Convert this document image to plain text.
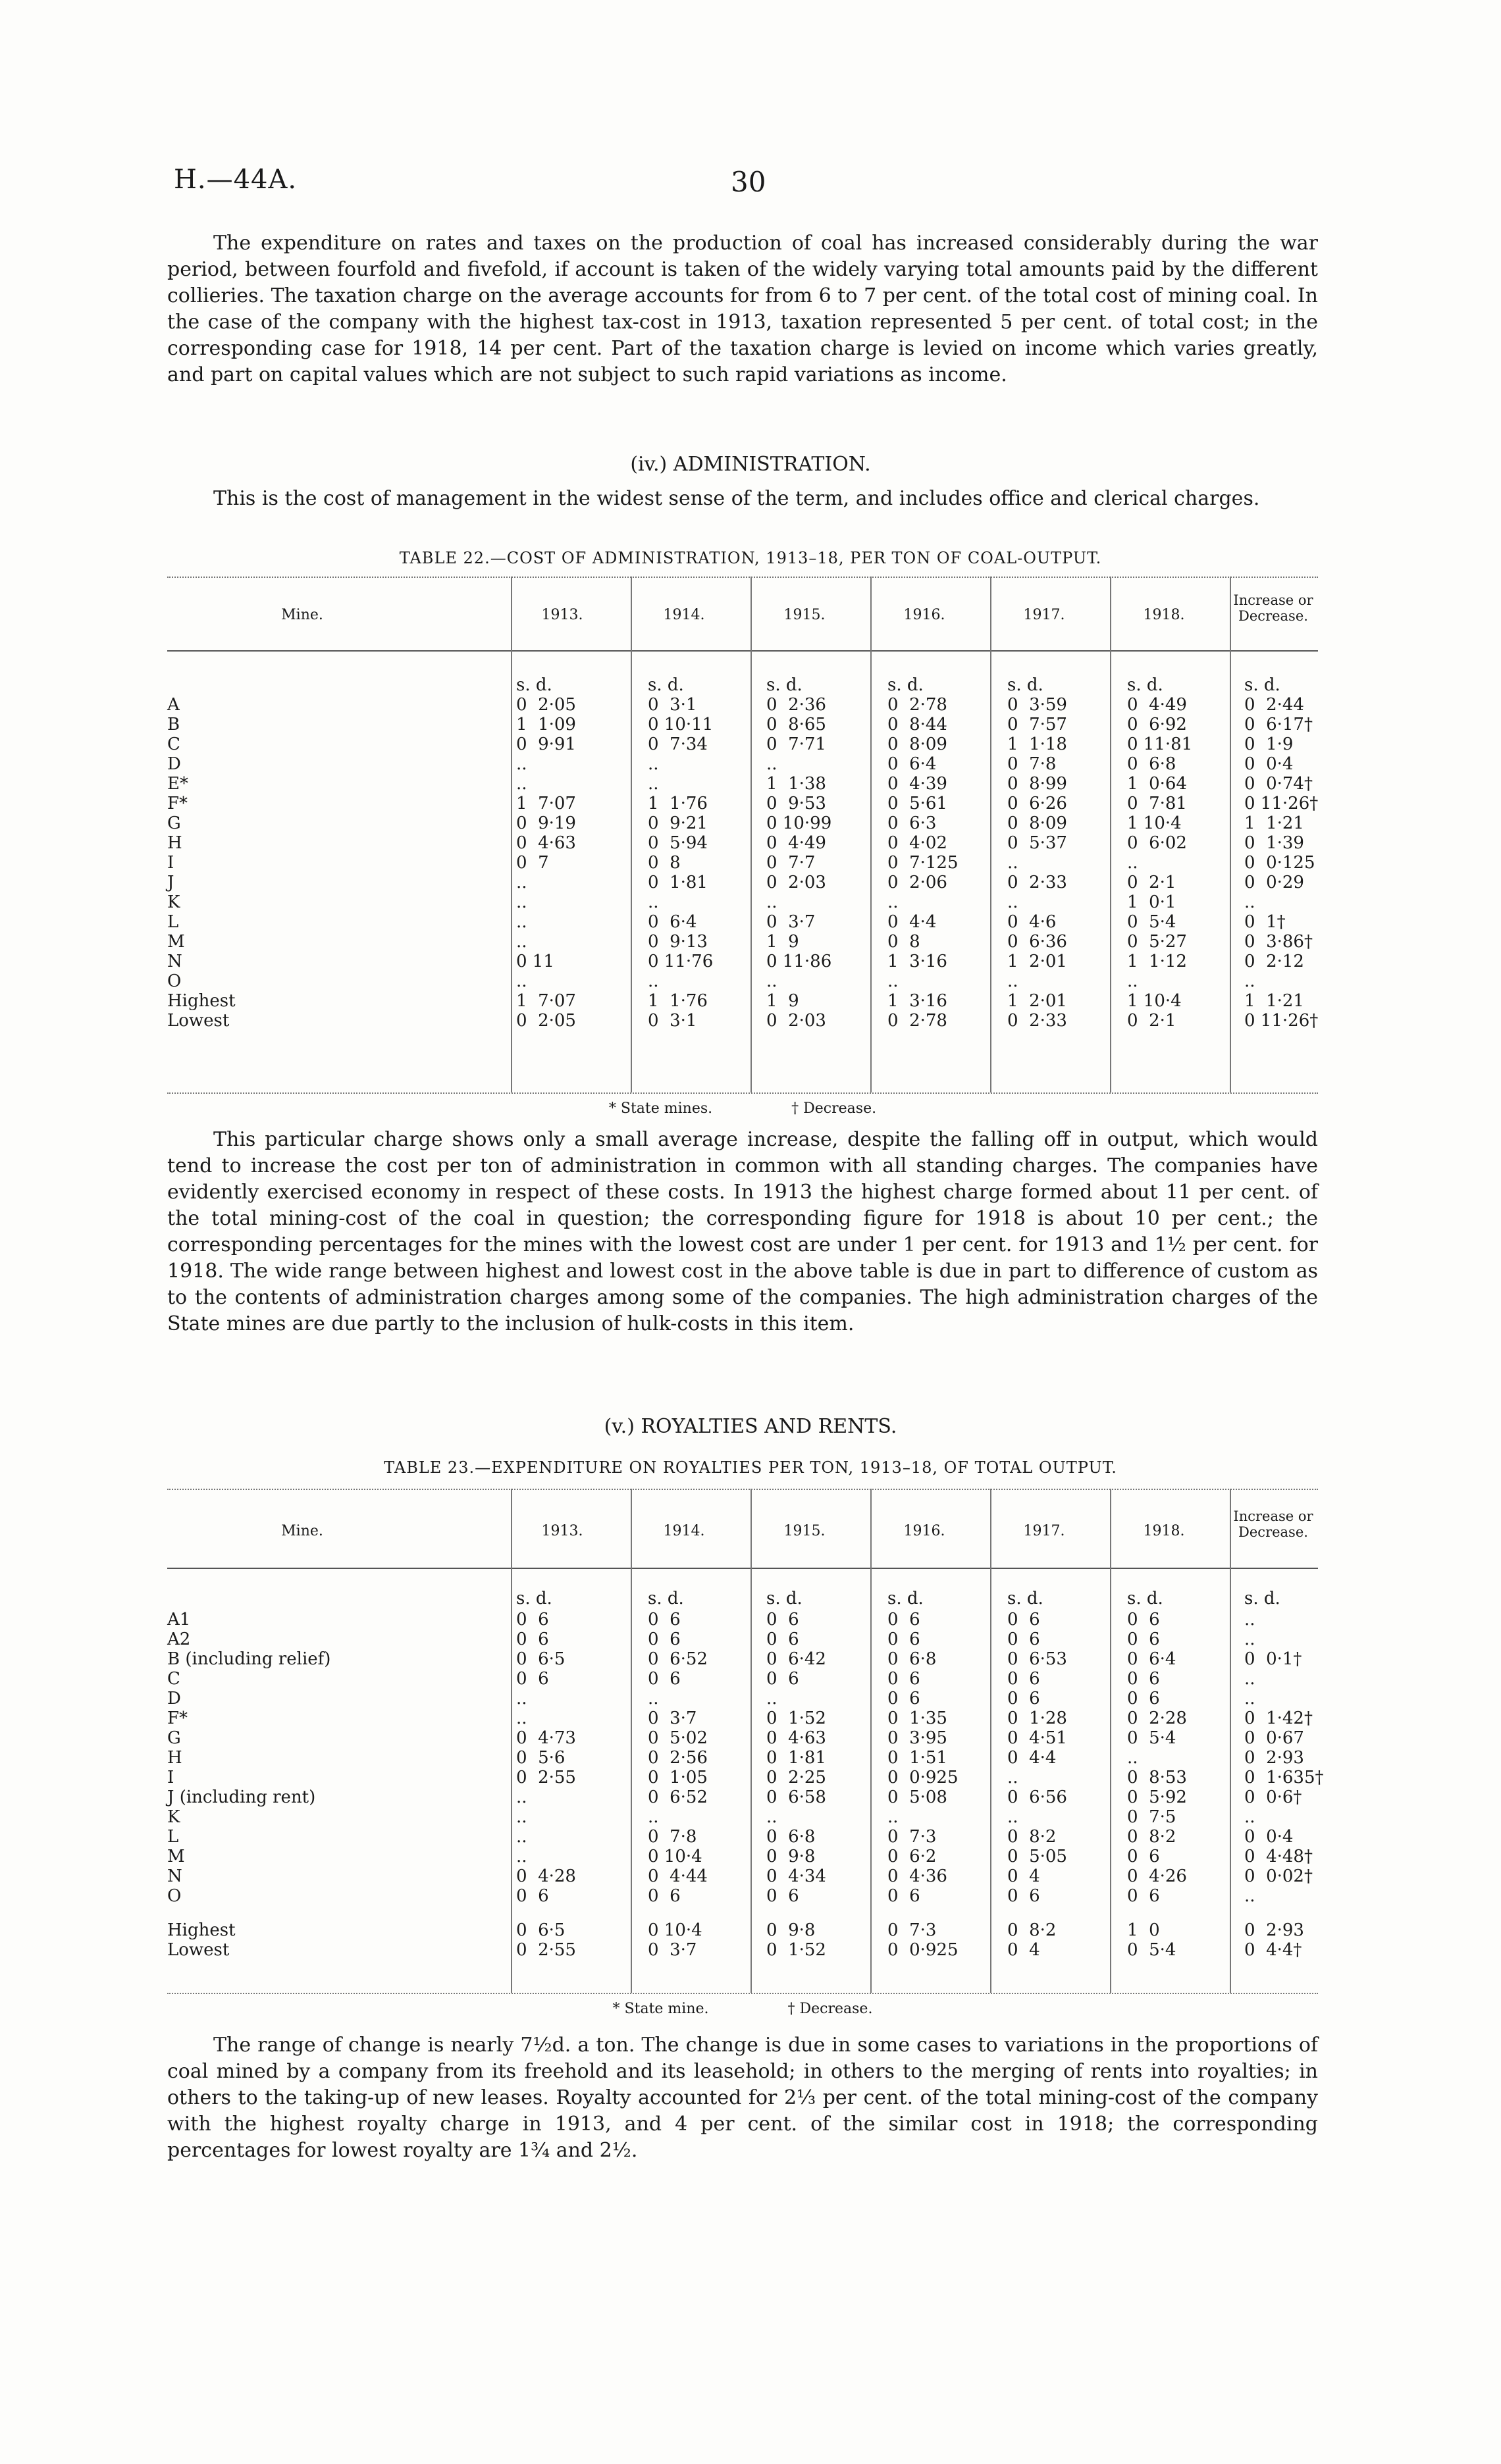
H.—44A.	30

The expenditure on rates and taxes on the production of coal has increased considerably during the war period, between fourfold and fivefold, if account is taken of the widely varying total amounts paid by the different collieries. The taxation charge on the average accounts for from 6 to 7 per cent. of the total cost of mining coal. In the case of the company with the highest tax-cost in 1913, taxation represented 5 per cent. of total cost; in the corresponding case for 1918, 14 per cent. Part of the taxation charge is levied on income which varies greatly, and part on capital values which are not subject to such rapid variations as income.

(iv.) ADMINISTRATION.

This is the cost of management in the widest sense of the term, and includes office and clerical charges.

TABLE 22.—COST OF ADMINISTRATION, 1913–18, PER TON OF COAL-OUTPUT.
Mine.	1913.	1914.	1915.	1916.	1917.	1918.
Increase or Decrease.
s. d.	s. d.	s. d.	s. d.	s. d.	s. d.	s. d.
A	0  2·05	0  3·1	0  2·36	0  2·78	0  3·59	0  4·49	0  2·44
B	1  1·09	0 10·11	0  8·65	0  8·44	0  7·57	0  6·92	0  6·17†
C	0  9·91	0  7·34	0  7·71	0  8·09	1  1·18	0 11·81	0  1·9
D	..	..	..	0  6·4	0  7·8	0  6·8	0  0·4
E*	..	..	1  1·38	0  4·39	0  8·99	1  0·64	0  0·74†
F*	1  7·07	1  1·76	0  9·53	0  5·61	0  6·26	0  7·81	0 11·26†
G	0  9·19	0  9·21	0 10·99	0  6·3	0  8·09	1 10·4	1  1·21
H	0  4·63	0  5·94	0  4·49	0  4·02	0  5·37	0  6·02	0  1·39
I	0  7	0  8	0  7·7	0  7·125	..	..	0  0·125
J	..	0  1·81	0  2·03	0  2·06	0  2·33	0  2·1	0  0·29
K	..	..	..	..	..	1  0·1	..
L	..	0  6·4	0  3·7	0  4·4	0  4·6	0  5·4	0  1†
M	..	0  9·13	1  9	0  8	0  6·36	0  5·27	0  3·86†
N	0 11	0 11·76	0 11·86	1  3·16	1  2·01	1  1·12	0  2·12
O	..	..	..	..	..	..	..
Highest	1  7·07	1  1·76	1  9	1  3·16	1  2·01	1 10·4	1  1·21
Lowest	0  2·05	0  3·1	0  2·03	0  2·78	0  2·33	0  2·1	0 11·26†
* State mines.	† Decrease.

This particular charge shows only a small average increase, despite the falling off in output, which would tend to increase the cost per ton of administration in common with all standing charges. The companies have evidently exercised economy in respect of these costs. In 1913 the highest charge formed about 11 per cent. of the total mining-cost of the coal in question; the corresponding figure for 1918 is about 10 per cent.; the corresponding percentages for the mines with the lowest cost are under 1 per cent. for 1913 and 1½ per cent. for 1918. The wide range between highest and lowest cost in the above table is due in part to difference of custom as to the contents of administration charges among some of the companies. The high administration charges of the State mines are due partly to the inclusion of hulk-costs in this item.

(v.) ROYALTIES AND RENTS.
TABLE 23.—EXPENDITURE ON ROYALTIES PER TON, 1913–18, OF TOTAL OUTPUT.
Mine.	1913.	1914.	1915.	1916.	1917.	1918.
Increase or Decrease.
s. d.	s. d.	s. d.	s. d.	s. d.	s. d.	s. d.
A1	0  6	0  6	0  6	0  6	0  6	0  6	..
A2	0  6	0  6	0  6	0  6	0  6	0  6	..
B (including relief)	0  6·5	0  6·52	0  6·42	0  6·8	0  6·53	0  6·4	0  0·1†
C	0  6	0  6	0  6	0  6	0  6	0  6	..
D	..	..	..	0  6	0  6	0  6	..
F*	..	0  3·7	0  1·52	0  1·35	0  1·28	0  2·28	0  1·42†
G	0  4·73	0  5·02	0  4·63	0  3·95	0  4·51	0  5·4	0  0·67
H	0  5·6	0  2·56	0  1·81	0  1·51	0  4·4	..	0  2·93
I	0  2·55	0  1·05	0  2·25	0  0·925	..	0  8·53	0  1·635†
J (including rent)	..	0  6·52	0  6·58	0  5·08	0  6·56	0  5·92	0  0·6†
K	..	..	..	..	..	0  7·5	..
L	..	0  7·8	0  6·8	0  7·3	0  8·2	0  8·2	0  0·4
M	..	0 10·4	0  9·8	0  6·2	0  5·05	0  6	0  4·48†
N	0  4·28	0  4·44	0  4·34	0  4·36	0  4	0  4·26	0  0·02†
O	0  6	0  6	0  6	0  6	0  6	0  6	..
Highest	0  6·5	0 10·4	0  9·8	0  7·3	0  8·2	1  0	0  2·93
Lowest	0  2·55	0  3·7	0  1·52	0  0·925	0  4	0  5·4	0  4·4†
* State mine.	† Decrease.

The range of change is nearly 7½d. a ton. The change is due in some cases to variations in the proportions of coal mined by a company from its freehold and its leasehold; in others to the merging of rents into royalties; in others to the taking-up of new leases. Royalty accounted for 2⅓ per cent. of the total mining-cost of the company with the highest royalty charge in 1913, and 4 per cent. of the similar cost in 1918; the corresponding percentages for lowest royalty are 1¾ and 2½.
